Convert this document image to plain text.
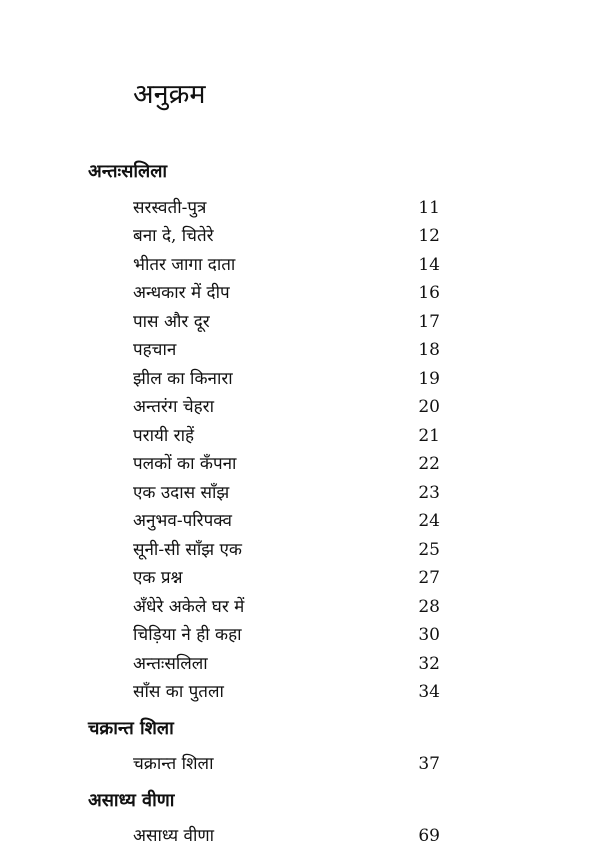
अनुक्रम
अन्तःसलिला
सरस्वती-पुत्र	11
बना दे, चितेरे	12
भीतर जागा दाता	14
अन्धकार में दीप	16
पास और दूर	17
पहचान	18
झील का किनारा	19
अन्तरंग चेहरा	20
परायी राहें	21
पलकों का कँपना	22
एक उदास साँझ	23
अनुभव-परिपक्व	24
सूनी-सी साँझ एक	25
एक प्रश्न	27
अँधेरे अकेले घर में	28
चिड़िया ने ही कहा	30
अन्तःसलिला	32
साँस का पुतला	34
चक्रान्त शिला
चक्रान्त शिला	37
असाध्य वीणा
असाध्य वीणा	69
